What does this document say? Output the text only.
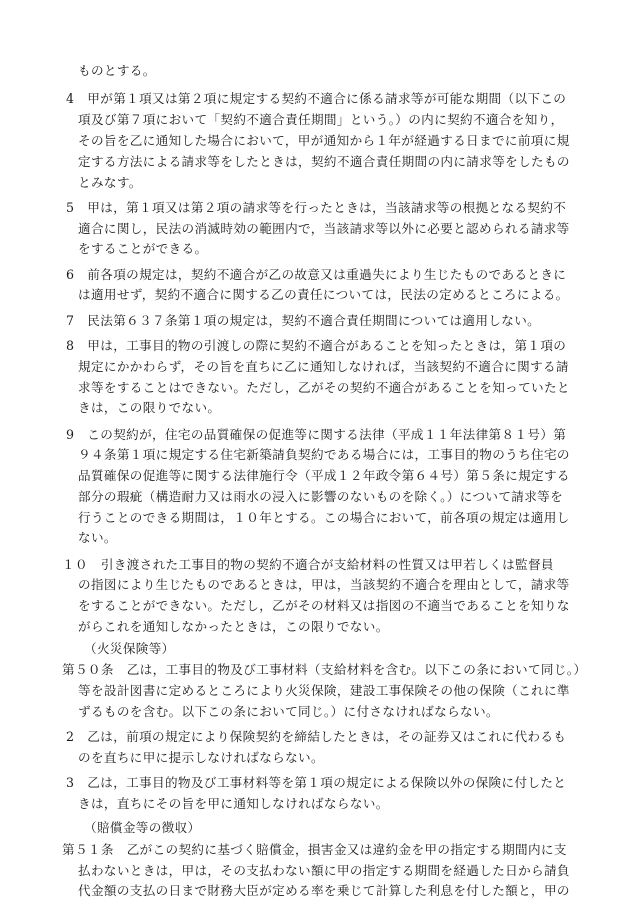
ものとする。
4　甲が第１項又は第２項に規定する契約不適合に係る請求等が可能な期間（以下この
項及び第７項において「契約不適合責任期間」という。）の内に契約不適合を知り，
その旨を乙に通知した場合において，甲が通知から１年が経過する日までに前項に規
定する方法による請求等をしたときは，契約不適合責任期間の内に請求等をしたもの
とみなす。
5　甲は，第１項又は第２項の請求等を行ったときは，当該請求等の根拠となる契約不
適合に関し，民法の消滅時効の範囲内で，当該請求等以外に必要と認められる請求等
をすることができる。
6　前各項の規定は，契約不適合が乙の故意又は重過失により生じたものであるときに
は適用せず，契約不適合に関する乙の責任については，民法の定めるところによる。
7　民法第６３７条第１項の規定は，契約不適合責任期間については適用しない。
8　甲は，工事目的物の引渡しの際に契約不適合があることを知ったときは，第１項の
規定にかかわらず，その旨を直ちに乙に通知しなければ，当該契約不適合に関する請
求等をすることはできない。ただし，乙がその契約不適合があることを知っていたと
きは，この限りでない。
9　この契約が，住宅の品質確保の促進等に関する法律（平成１１年法律第８１号）第
９４条第１項に規定する住宅新築請負契約である場合には，工事目的物のうち住宅の
品質確保の促進等に関する法律施行令（平成１２年政令第６４号）第５条に規定する
部分の瑕疵（構造耐力又は雨水の浸入に影響のないものを除く。）について請求等を
行うことのできる期間は，１０年とする。この場合において，前各項の規定は適用し
ない。
１０　引き渡された工事目的物の契約不適合が支給材料の性質又は甲若しくは監督員
の指図により生じたものであるときは，甲は，当該契約不適合を理由として，請求等
をすることができない。ただし，乙がその材料又は指図の不適当であることを知りな
がらこれを通知しなかったときは，この限りでない。
（火災保険等）
第５０条　乙は，工事目的物及び工事材料（支給材料を含む。以下この条において同じ。）
等を設計図書に定めるところにより火災保険，建設工事保険その他の保険（これに準
ずるものを含む。以下この条において同じ。）に付さなければならない。
2　乙は，前項の規定により保険契約を締結したときは，その証券又はこれに代わるも
のを直ちに甲に提示しなければならない。
3　乙は，工事目的物及び工事材料等を第１項の規定による保険以外の保険に付したと
きは，直ちにその旨を甲に通知しなければならない。
（賠償金等の徴収）
第５１条　乙がこの契約に基づく賠償金，損害金又は違約金を甲の指定する期間内に支
払わないときは，甲は，その支払わない額に甲の指定する期間を経過した日から請負
代金額の支払の日まで財務大臣が定める率を乗じて計算した利息を付した額と，甲の
